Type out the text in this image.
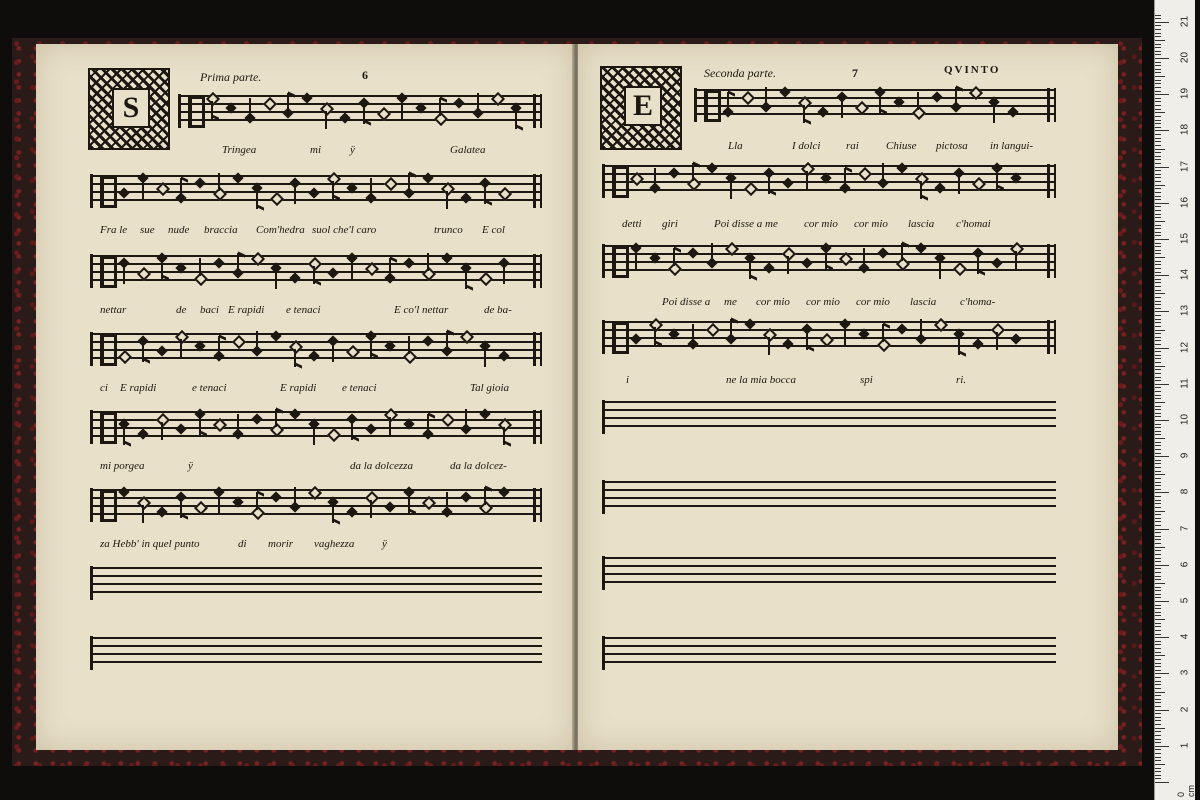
S
Prima parte.	6
Tringea	mi	ÿ	Galatea
Fra le sue nude braccia Com'hedra suol che'l caro	trunco E col
nettar	de baci E rapidi e tenaci	E co'l nettar	de ba-
ci E rapidi	e tenaci	E rapidi e tenaci	Tal gioia
mi porgea	ÿ	da la dolcezza	da la dolcez-
za Hebb' in quel punto	di morir vaghezza	ÿ
E
Seconda parte.	7	QVINTO
Lla	I dolci rai Chiuse pictosa in langui-
detti giri	Poi disse a me cor mio cor mio lascia c'homai
Poi disse a me cor mio cor mio cor mio lascia c'homa-
i	ne la mia bocca	spi	ri.
0 cm
1
2
3
4
5
6
7
8
9
10
11
12
13
14
15
16
17
18
19
20
21
